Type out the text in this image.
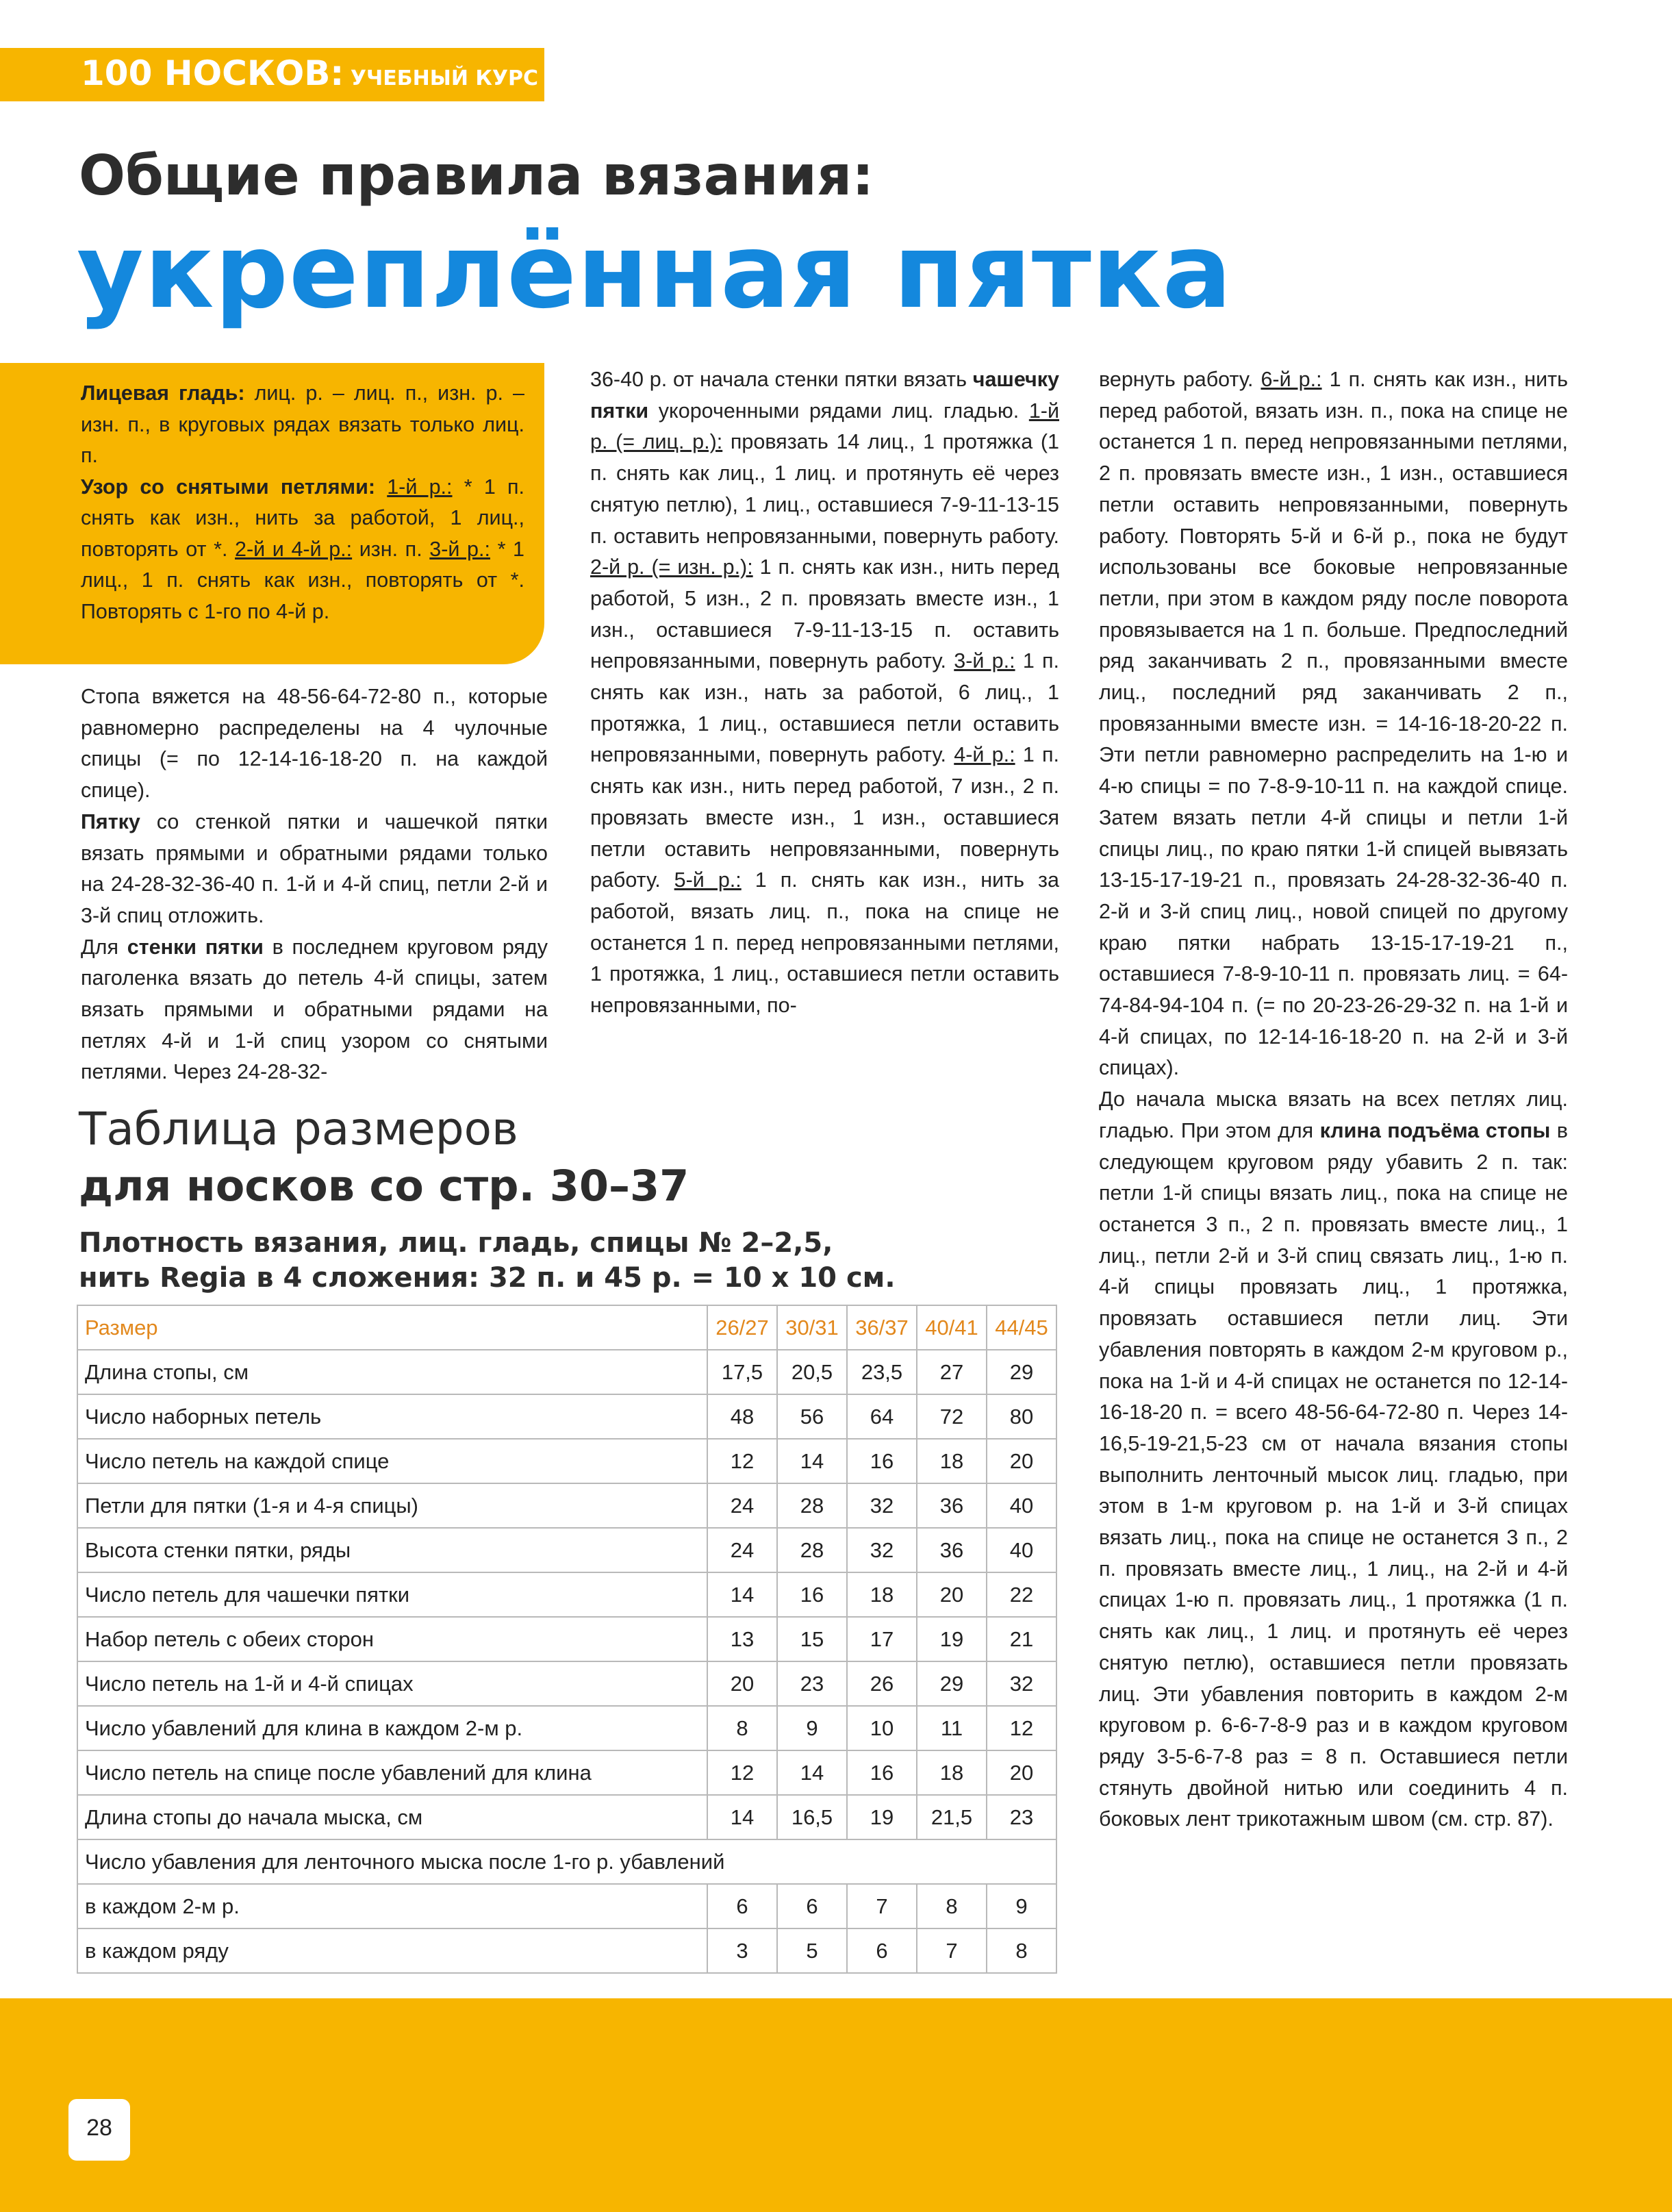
100 НОСКОВ: УЧЕБНЫЙ КУРС
Общие правила вязания:
укреплённая пятка

Лицевая гладь: лиц. р. – лиц. п., изн. р. – изн. п., в круговых рядах вязать только лиц. п.

Узор со снятыми петлями: 1-й р.: * 1 п. снять как изн., нить за работой, 1 лиц., повторять от *. 2-й и 4-й р.: изн. п. 3-й р.: * 1 лиц., 1 п. снять как изн., повторять от *. Повторять с 1-го по 4-й р.

Стопа вяжется на 48-56-64-72-80 п., которые равномерно распределены на 4 чулочные спицы (= по 12-14-16-18-20 п. на каждой спице).

Пятку со стенкой пятки и чашечкой пятки вязать прямыми и обратными рядами только на 24-28-32-36-40 п. 1-й и 4-й спиц, петли 2-й и 3-й спиц отложить.

Для стенки пятки в последнем круговом ряду паголенка вязать до петель 4-й спицы, затем вязать прямыми и обратными рядами на петлях 4-й и 1-й спиц узором со снятыми петлями. Через 24-28-32-

36-40 р. от начала стенки пятки вязать чашечку пятки укороченными рядами лиц. гладью. 1-й р. (= лиц. р.): провязать 14 лиц., 1 протяжка (1 п. снять как лиц., 1 лиц. и протянуть её через снятую петлю), 1 лиц., оставшиеся 7-9-11-13-15 п. оставить непровязанными, повернуть работу. 2-й р. (= изн. р.): 1 п. снять как изн., нить перед работой, 5 изн., 2 п. провязать вместе изн., 1 изн., оставшиеся 7-9-11-13-15 п. оставить непровязанными, повернуть работу. 3-й р.: 1 п. снять как изн., нать за работой, 6 лиц., 1 протяжка, 1 лиц., оставшиеся петли оставить непровязанными, повернуть работу. 4-й р.: 1 п. снять как изн., нить перед работой, 7 изн., 2 п. провязать вместе изн., 1 изн., оставшиеся петли оставить непровязанными, повернуть работу. 5-й р.: 1 п. снять как изн., нить за работой, вязать лиц. п., пока на спице не останется 1 п. перед непровязанными петлями, 1 протяжка, 1 лиц., оставшиеся петли оставить непровязанными, по-

вернуть работу. 6-й р.: 1 п. снять как изн., нить перед работой, вязать изн. п., пока на спице не останется 1 п. перед непровязанными петлями, 2 п. провязать вместе изн., 1 изн., оставшиеся петли оставить непровязанными, повернуть работу. Повторять 5-й и 6-й р., пока не будут использованы все боковые непровязанные петли, при этом в каждом ряду после поворота провязывается на 1 п. больше. Предпоследний ряд заканчивать 2 п., провязанными вместе лиц., последний ряд заканчивать 2 п., провязанными вместе изн. = 14-16-18-20-22 п. Эти петли равномерно распределить на 1-ю и 4-ю спицы = по 7-8-9-10-11 п. на каждой спице. Затем вязать петли 4-й спицы и петли 1-й спицы лиц., по краю пятки 1-й спицей вывязать 13-15-17-19-21 п., провязать 24-28-32-36-40 п. 2-й и 3-й спиц лиц., новой спицей по другому краю пятки набрать 13-15-17-19-21 п., оставшиеся 7-8-9-10-11 п. провязать лиц. = 64-74-84-94-104 п. (= по 20-23-26-29-32 п. на 1-й и 4-й спицах, по 12-14-16-18-20 п. на 2-й и 3-й спицах).

До начала мыска вязать на всех петлях лиц. гладью. При этом для клина подъёма стопы в следующем круговом ряду убавить 2 п. так: петли 1-й спицы вязать лиц., пока на спице не останется 3 п., 2 п. провязать вместе лиц., 1 лиц., петли 2-й и 3-й спиц связать лиц., 1-ю п. 4-й спицы провязать лиц., 1 протяжка, провязать оставшиеся петли лиц. Эти убавления повторять в каждом 2-м круговом р., пока на 1-й и 4-й спицах не останется по 12-14-16-18-20 п. = всего 48-56-64-72-80 п. Через 14-16,5-19-21,5-23 см от начала вязания стопы выполнить ленточный мысок лиц. гладью, при этом в 1-м круговом р. на 1-й и 3-й спицах вязать лиц., пока на спице не останется 3 п., 2 п. провязать вместе лиц., 1 лиц., на 2-й и 4-й спицах 1-ю п. провязать лиц., 1 протяжка (1 п. снять как лиц., 1 лиц. и протянуть её через снятую петлю), оставшиеся петли провязать лиц. Эти убавления повторить в каждом 2-м круговом р. 6-6-7-8-9 раз и в каждом круговом ряду 3-5-6-7-8 раз = 8 п. Оставшиеся петли стянуть двойной нитью или соединить 4 п. боковых лент трикотажным швом (см. стр. 87).

Таблица размеров
для носков со стр. 30–37
Плотность вязания, лиц. гладь, спицы № 2–2,5,
нить Regia в 4 сложения: 32 п. и 45 р. = 10 х 10 см.
Размер	26/27	30/31	36/37	40/41	44/45
Длина стопы, см	17,5	20,5	23,5	27	29
Число наборных петель	48	56	64	72	80
Число петель на каждой спице	12	14	16	18	20
Петли для пятки (1-я и 4-я спицы)	24	28	32	36	40
Высота стенки пятки, ряды	24	28	32	36	40
Число петель для чашечки пятки	14	16	18	20	22
Набор петель с обеих сторон	13	15	17	19	21
Число петель на 1-й и 4-й спицах	20	23	26	29	32
Число убавлений для клина в каждом 2-м р.	8	9	10	11	12
Число петель на спице после убавлений для клина	12	14	16	18	20
Длина стопы до начала мыска, см	14	16,5	19	21,5	23
Число убавления для ленточного мыска после 1-го р. убавлений					
в каждом 2-м р.	6	6	7	8	9
в каждом ряду	3	5	6	7	8
28
